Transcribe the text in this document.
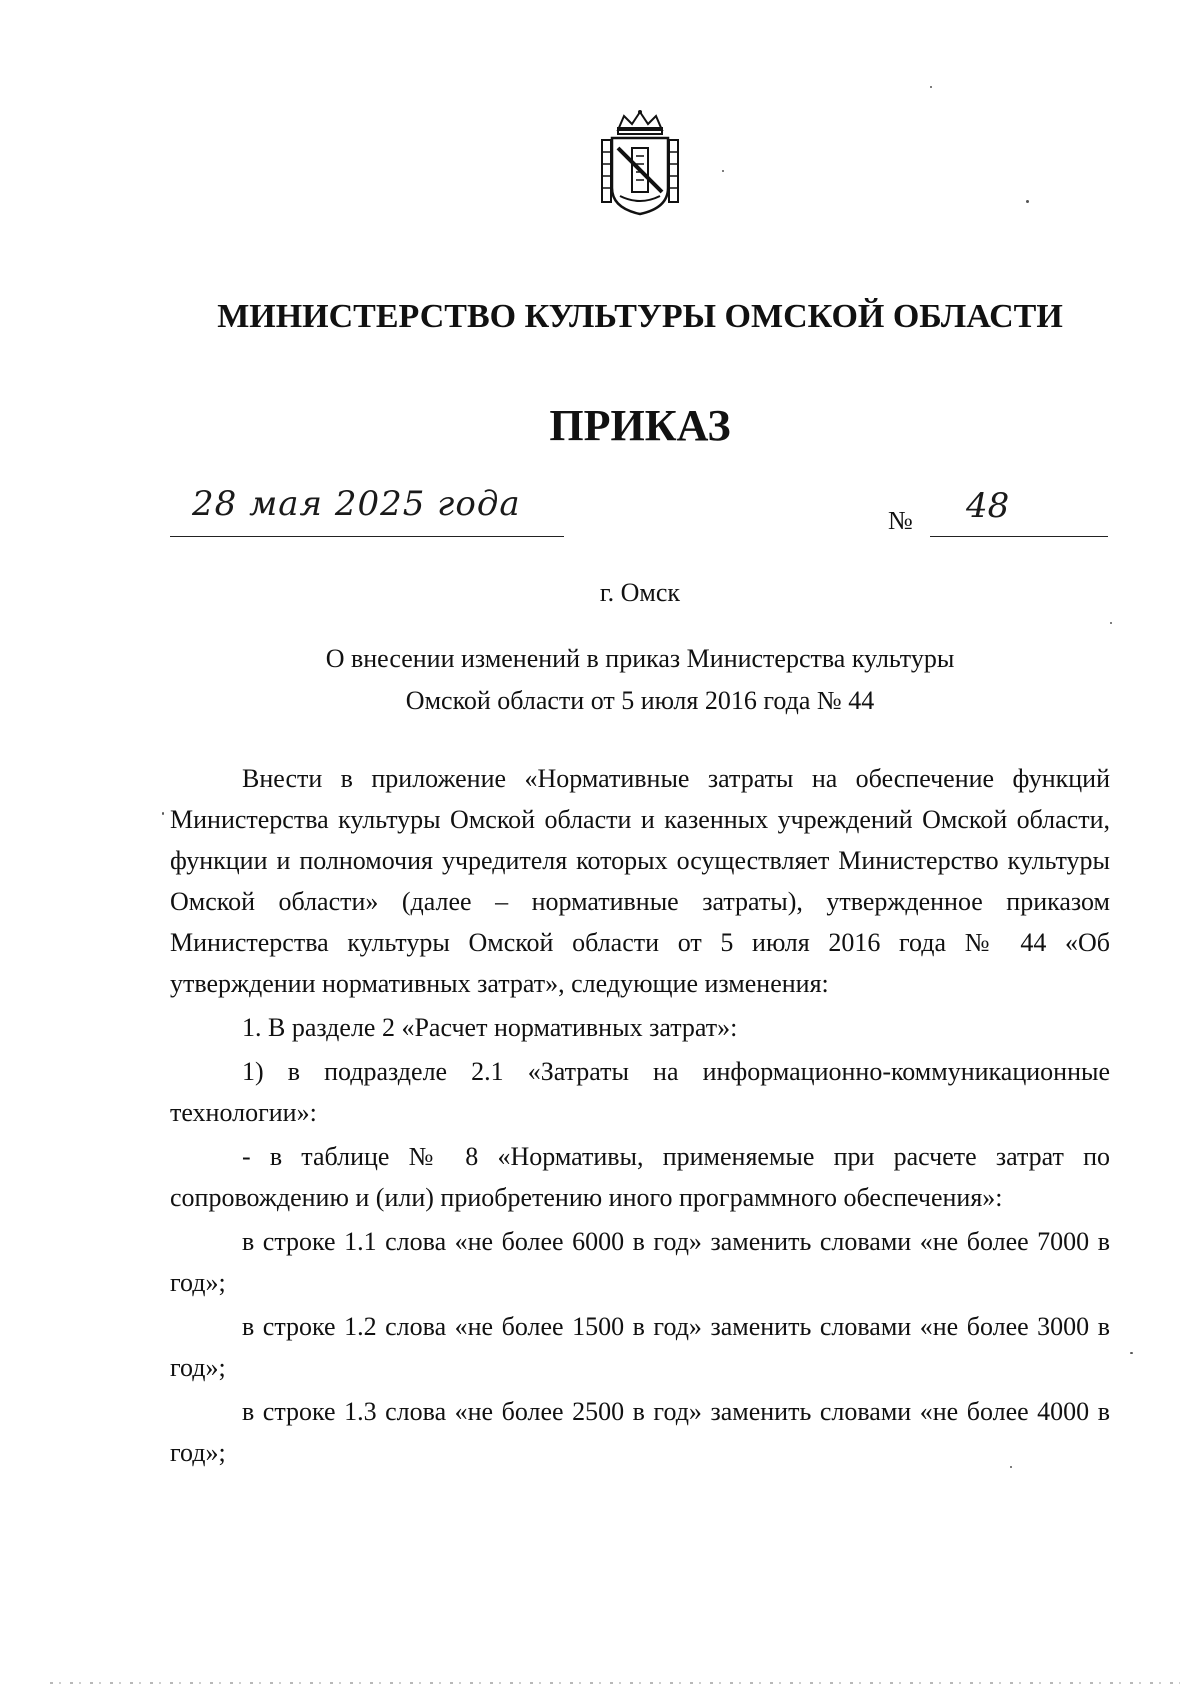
МИНИСТЕРСТВО КУЛЬТУРЫ ОМСКОЙ ОБЛАСТИ
ПРИКАЗ
28 мая 2025 года	№ 48
г. Омск
О внесении изменений в приказ Министерства культуры
Омской области от 5 июля 2016 года № 44

Внести в приложение «Нормативные затраты на обеспечение функций Министерства культуры Омской области и казенных учреждений Омской области, функции и полномочия учредителя которых осуществляет Министерство культуры Омской области» (далее – нормативные затраты), утвержденное приказом Министерства культуры Омской области от 5 июля 2016 года № 44 «Об утверждении нормативных затрат», следующие изменения:

1. В разделе 2 «Расчет нормативных затрат»:

1) в подразделе 2.1 «Затраты на информационно-коммуникационные технологии»:

- в таблице № 8 «Нормативы, применяемые при расчете затрат по сопровождению и (или) приобретению иного программного обеспечения»:

в строке 1.1 слова «не более 6000 в год» заменить словами «не более 7000 в год»;

в строке 1.2 слова «не более 1500 в год» заменить словами «не более 3000 в год»;

в строке 1.3 слова «не более 2500 в год» заменить словами «не более 4000 в год»;
